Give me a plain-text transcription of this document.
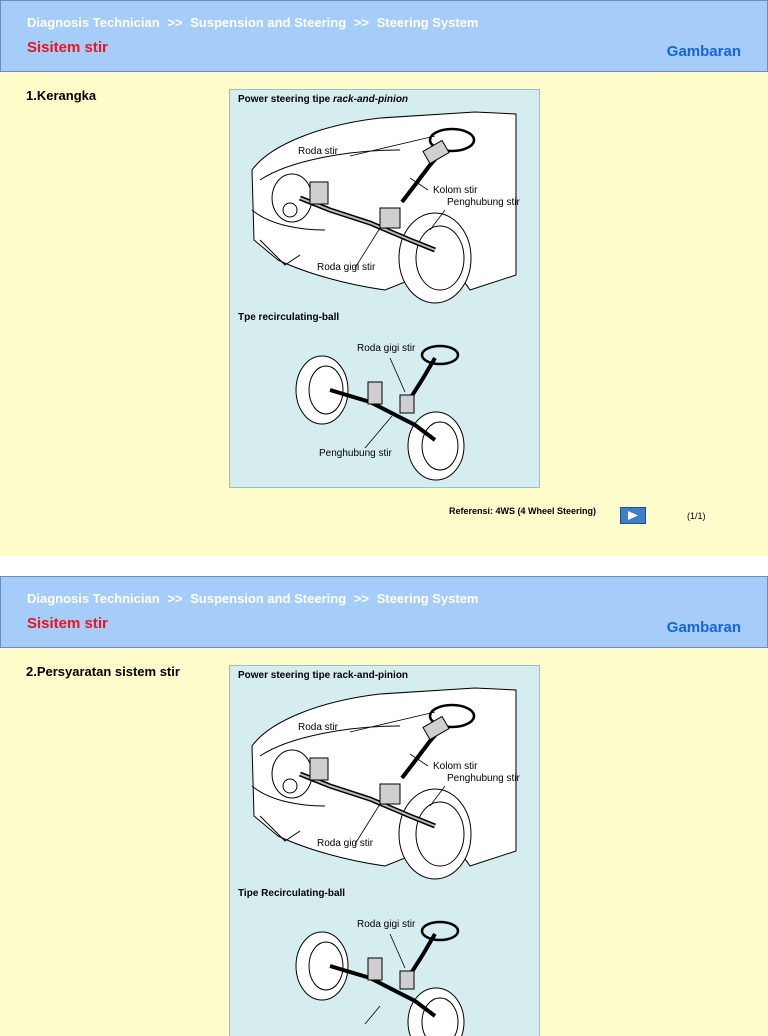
Diagnosis Technician >> Suspension and Steering >> Steering System
Sisitem stir	Gambaran
1.Kerangka	Power steering tipe rack-and-pinion
Roda stir
Kolom stir
Penghubung stir
Roda gigi stir
Tpe recirculating-ball
Roda gigi stir
Penghubung stir
Referensi: 4WS (4 Wheel Steering)	(1/1)
Diagnosis Technician >> Suspension and Steering >> Steering System
Sisitem stir	Gambaran
2.Persyaratan sistem stir	Power steering tipe rack-and-pinion
Roda stir
Kolom stir
Penghubung stir
Roda gig stir
Tipe Recirculating-ball
Roda gigi stir
